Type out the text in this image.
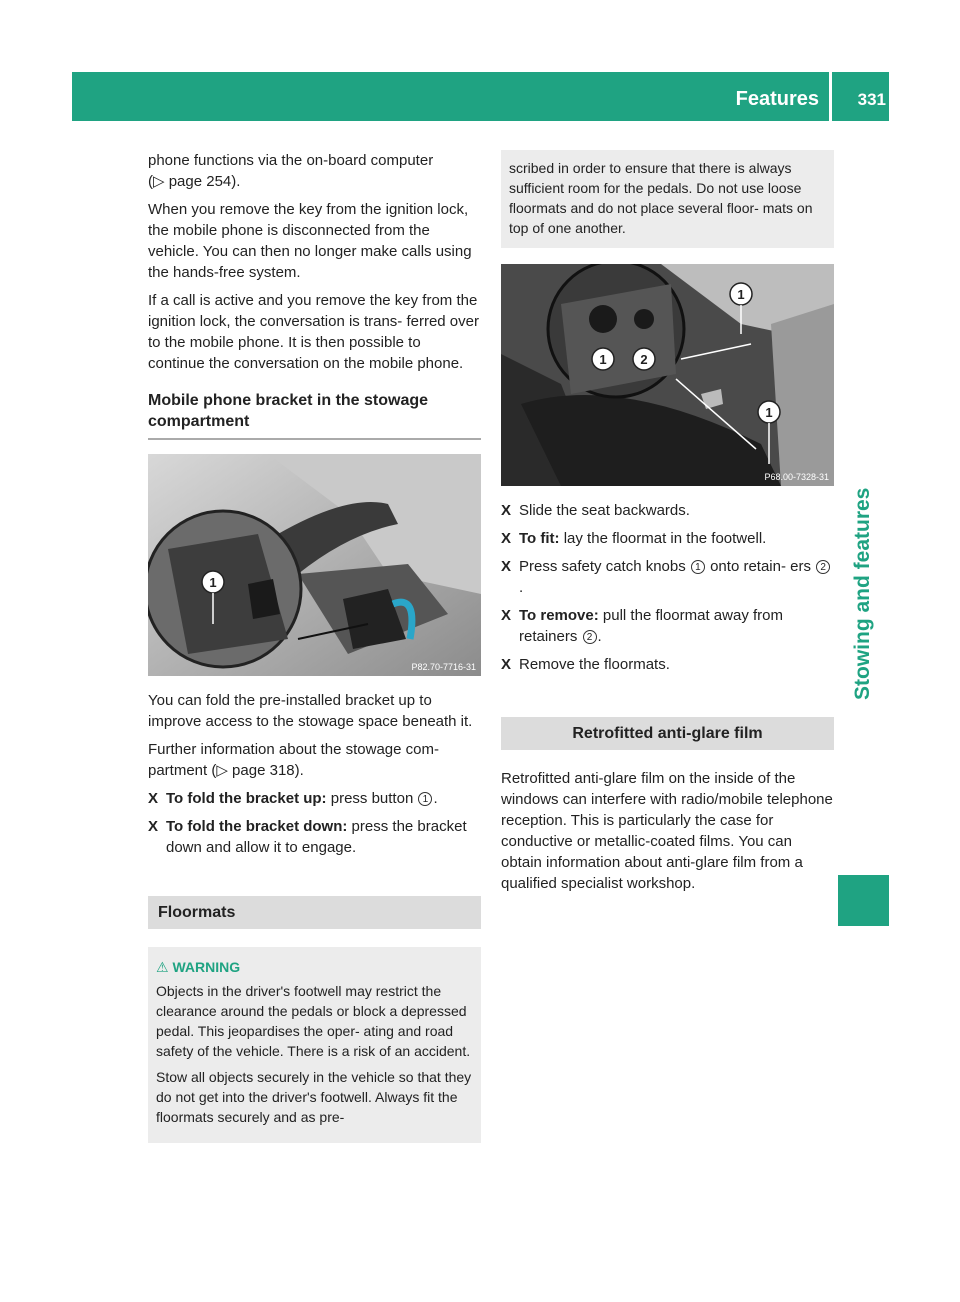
Features 331
Stowing and features

phone functions via the on-board computer
(▷ page 254).

When you remove the key from the ignition lock, the mobile phone is disconnected from the vehicle. You can then no longer make calls using the hands-free system.

If a call is active and you remove the key from the ignition lock, the conversation is trans- ferred over to the mobile phone. It is then possible to continue the conversation on the mobile phone.

Mobile phone bracket in the stowage compartment
1
P82.70-7716-31

You can fold the pre-installed bracket up to improve access to the stowage space beneath it.

Further information about the stowage com- partment (▷ page 318).

X To fold the bracket up: press button 1 .
X To fold the bracket down: press the bracket down and allow it to engage.
Floormats
⚠ WARNING

Objects in the driver's footwell may restrict the clearance around the pedals or block a depressed pedal. This jeopardises the oper- ating and road safety of the vehicle. There is a risk of an accident.

Stow all objects securely in the vehicle so that they do not get into the driver's footwell. Always fit the floormats securely and as pre-

scribed in order to ensure that there is always sufficient room for the pedals. Do not use loose floormats and do not place several floor- mats on top of one another.
1	2
1
1
P68.00-7328-31
X Slide the seat backwards.
X To fit: lay the floormat in the footwell.
X Press safety catch knobs 1 onto retain- ers 2.
X To remove: pull the floormat away from retainers 2 .
X Remove the floormats.
Retrofitted anti-glare film

Retrofitted anti-glare film on the inside of the windows can interfere with radio/mobile telephone reception. This is particularly the case for conductive or metallic-coated films. You can obtain information about anti-glare film from a qualified specialist workshop.
